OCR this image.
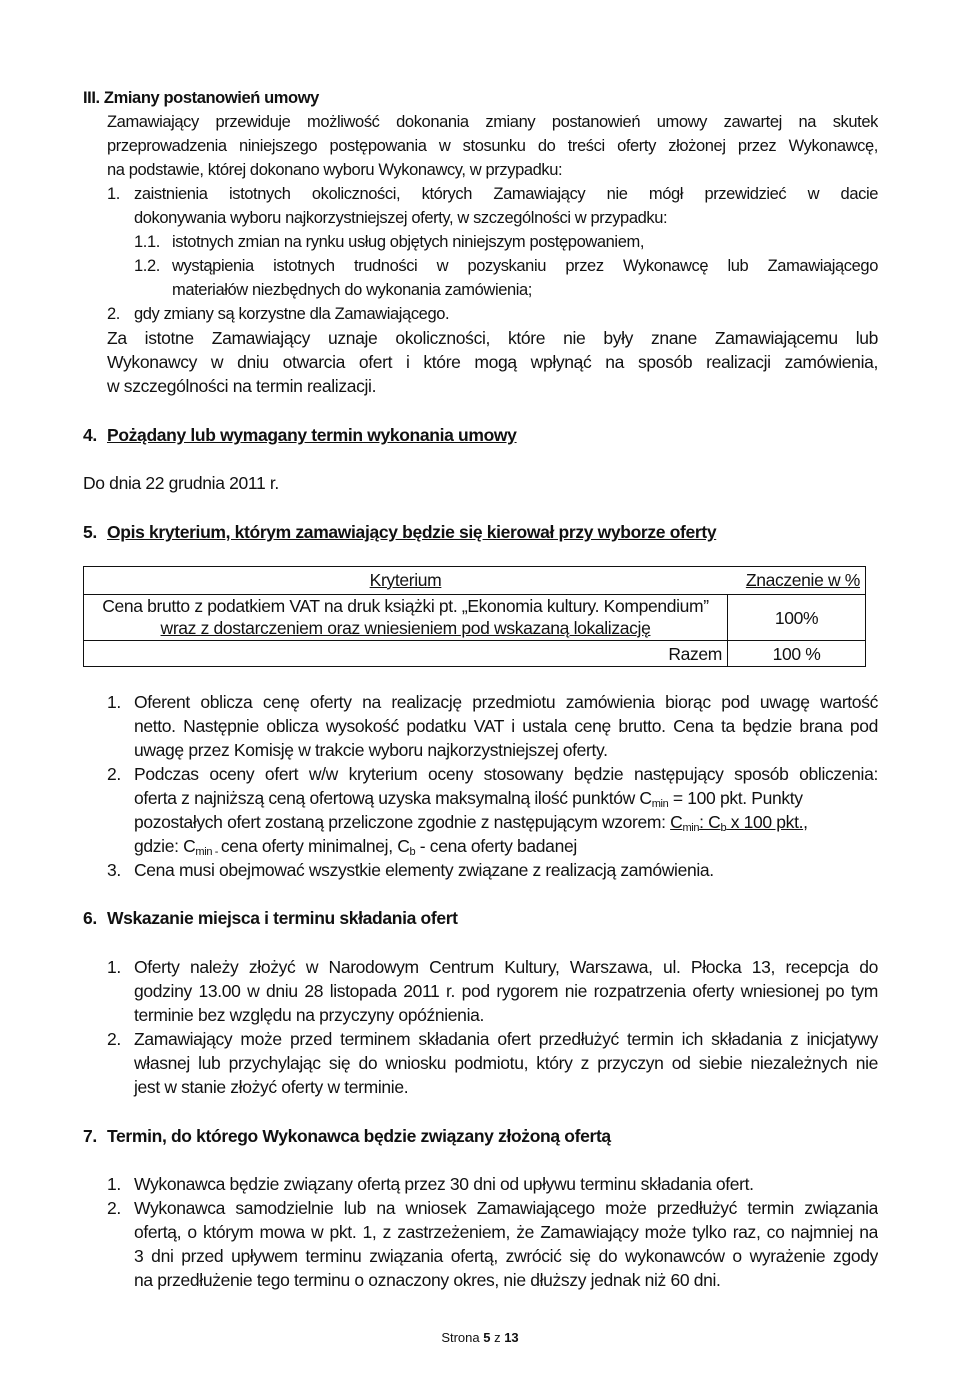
III. Zmiany postanowień umowy
Zamawiający przewiduje możliwość dokonania zmiany postanowień umowy zawartej na skutek
przeprowadzenia niniejszego postępowania w stosunku do treści oferty złożonej przez Wykonawcę,
na podstawie, której dokonano wyboru Wykonawcy, w przypadku:
1. zaistnienia istotnych okoliczności, których Zamawiający nie mógł przewidzieć w dacie
dokonywania wyboru najkorzystniejszej oferty, w szczególności w przypadku:
1.1. istotnych zmian na rynku usług objętych niniejszym postępowaniem,
1.2. wystąpienia istotnych trudności w pozyskaniu przez Wykonawcę lub Zamawiającego
materiałów niezbędnych do wykonania zamówienia;
2. gdy zmiany są korzystne dla Zamawiającego.
Za istotne Zamawiający uznaje okoliczności, które nie były znane Zamawiającemu lub
Wykonawcy w dniu otwarcia ofert i które mogą wpłynąć na sposób realizacji zamówienia,
w szczególności na termin realizacji.
4. Pożądany lub wymagany termin wykonania umowy
Do dnia 22 grudnia 2011 r.
5. Opis kryterium, którym zamawiający będzie się kierował przy wyborze oferty
Kryterium	Znaczenie w %
Cena brutto z podatkiem VAT na druk książki pt. „Ekonomia kultury. Kompendium”
wraz z dostarczeniem oraz wniesieniem pod wskazaną lokalizację	100%
Razem	100 %
1. Oferent oblicza cenę oferty na realizację przedmiotu zamówienia biorąc pod uwagę wartość
netto. Następnie oblicza wysokość podatku VAT i ustala cenę brutto. Cena ta będzie brana pod
uwagę przez Komisję w trakcie wyboru najkorzystniejszej oferty.
2. Podczas oceny ofert w/w kryterium oceny stosowany będzie następujący sposób obliczenia:
oferta z najniższą ceną ofertową uzyska maksymalną ilość punktów Cmin = 100 pkt. Punkty
pozostałych ofert zostaną przeliczone zgodnie z następującym wzorem: Cmin: Cb x 100 pkt.,
gdzie: Cmin - cena oferty minimalnej, Cb - cena oferty badanej
3. Cena musi obejmować wszystkie elementy związane z realizacją zamówienia.
6. Wskazanie miejsca i terminu składania ofert
1. Oferty należy złożyć w Narodowym Centrum Kultury, Warszawa, ul. Płocka 13, recepcja do
godziny 13.00 w dniu 28 listopada 2011 r. pod rygorem nie rozpatrzenia oferty wniesionej po tym
terminie bez względu na przyczyny opóźnienia.
2. Zamawiający może przed terminem składania ofert przedłużyć termin ich składania z inicjatywy
własnej lub przychylając się do wniosku podmiotu, który z przyczyn od siebie niezależnych nie
jest w stanie złożyć oferty w terminie.
7. Termin, do którego Wykonawca będzie związany złożoną ofertą
1. Wykonawca będzie związany ofertą przez 30 dni od upływu terminu składania ofert.
2. Wykonawca samodzielnie lub na wniosek Zamawiającego może przedłużyć termin związania
ofertą, o którym mowa w pkt. 1, z zastrzeżeniem, że Zamawiający może tylko raz, co najmniej na
3 dni przed upływem terminu związania ofertą, zwrócić się do wykonawców o wyrażenie zgody
na przedłużenie tego terminu o oznaczony okres, nie dłuższy jednak niż 60 dni.
Strona 5 z 13
